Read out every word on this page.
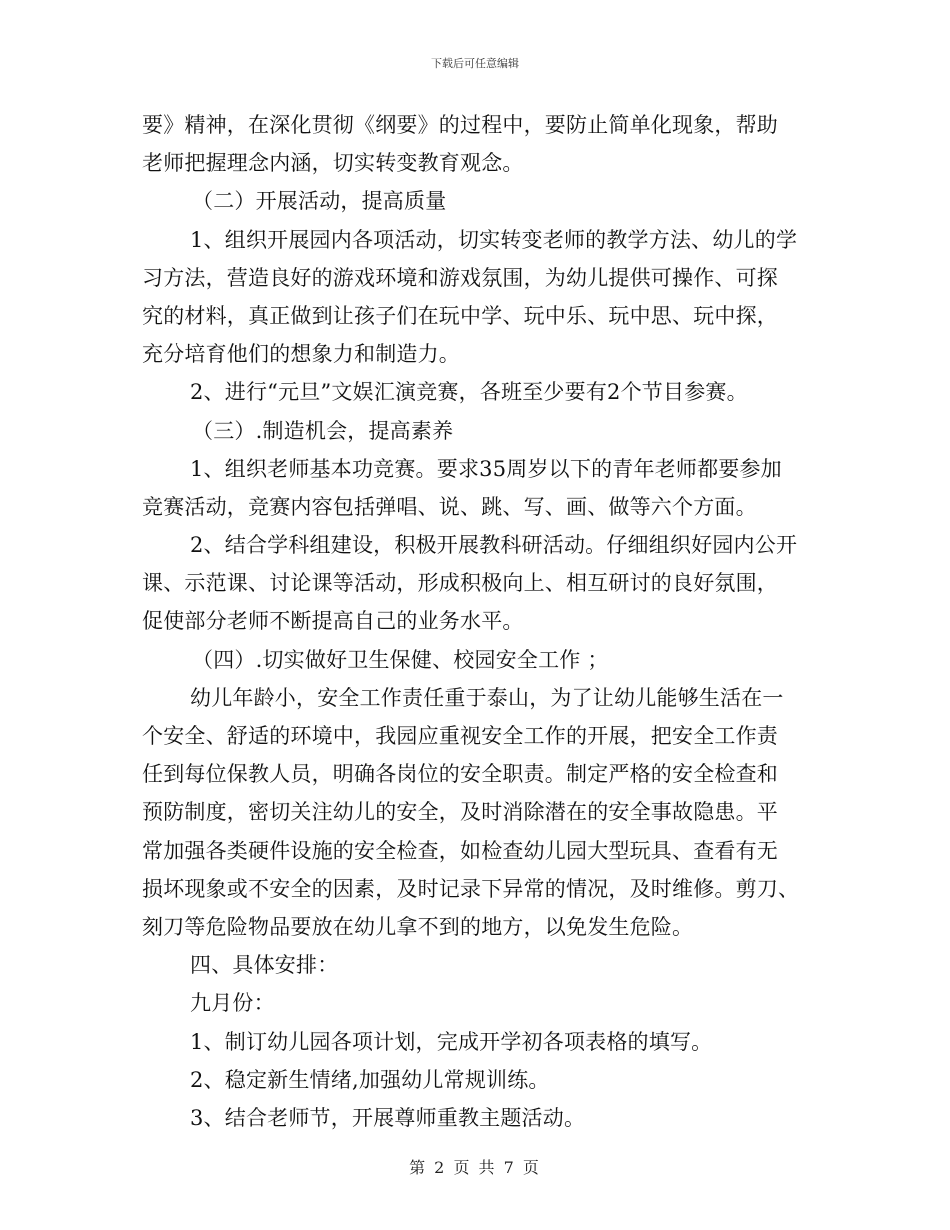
下载后可任意编辑
要》精神，在深化贯彻《纲要》的过程中，要防止简单化现象，帮助
老师把握理念内涵，切实转变教育观念。
（二）开展活动，提高质量
1、组织开展园内各项活动，切实转变老师的教学方法、幼儿的学
习方法，营造良好的游戏环境和游戏氛围，为幼儿提供可操作、可探
究的材料，真正做到让孩子们在玩中学、玩中乐、玩中思、玩中探，
充分培育他们的想象力和制造力。
2、进行“元旦”文娱汇演竞赛，各班至少要有2个节目参赛。
（三）.制造机会，提高素养
1、组织老师基本功竞赛。要求35周岁以下的青年老师都要参加
竞赛活动，竞赛内容包括弹唱、说、跳、写、画、做等六个方面。
2、结合学科组建设，积极开展教科研活动。仔细组织好园内公开
课、示范课、讨论课等活动，形成积极向上、相互研讨的良好氛围，
促使部分老师不断提高自己的业务水平。
（四）.切实做好卫生保健、校园安全工作 ；
幼儿年龄小，安全工作责任重于泰山，为了让幼儿能够生活在一
个安全、舒适的环境中，我园应重视安全工作的开展，把安全工作责
任到每位保教人员，明确各岗位的安全职责。制定严格的安全检查和
预防制度，密切关注幼儿的安全，及时消除潜在的安全事故隐患。平
常加强各类硬件设施的安全检查，如检查幼儿园大型玩具、查看有无
损坏现象或不安全的因素，及时记录下异常的情况，及时维修。剪刀、
刻刀等危险物品要放在幼儿拿不到的地方，以免发生危险。
四、具体安排：
九月份：
1、制订幼儿园各项计划，完成开学初各项表格的填写。
2、稳定新生情绪,加强幼儿常规训练。
3、结合老师节，开展尊师重教主题活动。
第 2 页 共 7 页
